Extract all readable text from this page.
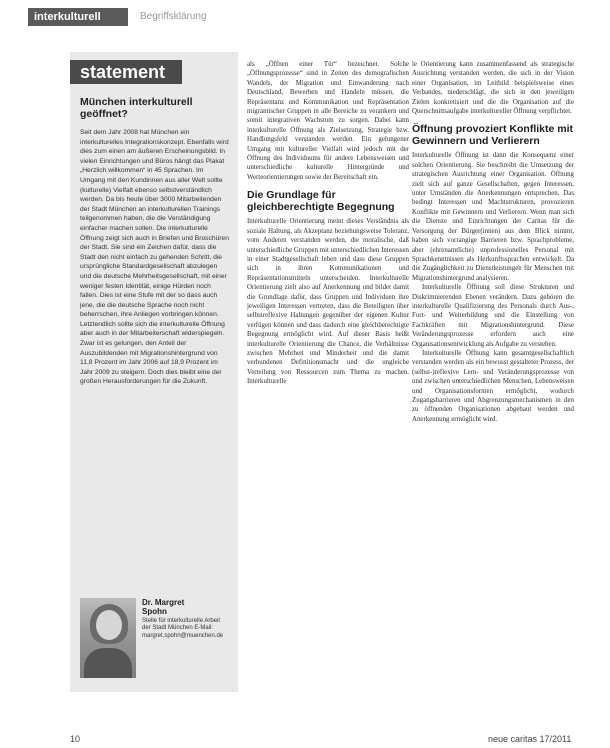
interkulturell	Begriffsklärung
statement
München interkulturell geöffnet?

Seit dem Jahr 2008 hat München ein interkulturelles Integrationskonzept. Ebenfalls wird dies zum einen am äußeren Erscheinungsbild. In vielen Einrichtungen und Büros hängt das Plakat „Herzlich willkommen“ in 45 Sprachen. Im Umgang mit den Kundinnen aus aller Welt sollte (kulturelle) Vielfalt ebenso selbstverständlich werden. Da bis heute über 3000 Mitarbeitenden der Stadt München an interkulturellen Trainings teilgenommen haben, die die Verständigung einfacher machen sollen. Die interkulturelle Öffnung zeigt sich auch in Briefen und Broschüren der Stadt. Sie sind ein Zeichen dafür, dass die Stadt den nicht einfach zu gehenden Schritt, die ursprüngliche Standardgesellschaft abzulegen und die deutsche Mehrheitsgesellschaft, mit einer weniger festen Identität, einige Hürden noch fallen. Dies ist eine Stufe mit der so dass auch jene, die die deutsche Sprache noch nicht beherrschen, ihre Anliegen vorbringen können. Letztendlich sollte sich die interkulturelle Öffnung aber auch in der Mitarbeiterschaft widerspiegeln. Zwar ist es gelungen, den Anteil der Auszubildenden mit Migrationshintergrund von 11,8 Prozent im Jahr 2006 auf 18,9 Prozent im Jahr 2009 zu steigern. Doch dies bleibt eine der großen Herausforderungen für die Zukunft.

Dr. Margret
Spohn
Stelle für interkulturelle Arbeit der Stadt München E-Mail: margret.spohn@muenchen.de

als „Öffnen einer Tür“ bezeichnet. Solche „Öffnungsprozesse“ sind in Zeiten des demografischen Wandels, der Migration und Einwanderung nach Deutschland, Bewerben und Handeln müssen, die Repräsentanz und Kommunikation und Repräsentation migrantischer Gruppen in alle Bereiche zu verankern und somit integrativen Wachstum zu sorgen. Dabei kann interkulturelle Öffnung als Zielsetzung, Strategie bzw. Handlungsfeld verstanden werden. Ein gelungener Umgang mit kultureller Vielfalt wird jedoch mit der Öffnung des Individuums für andere Lebensweisen und unterschiedliche kulturelle Hintergründe und Werteorientierungen sowie der Bereitschaft ein.

Die Grundlage für gleichberechtigte Begegnung

Interkulturelle Orientierung meint dieses Verständnis als soziale Haltung, als Akzeptanz beziehungsweise Toleranz, vom Anderen verstanden werden, die moralische, daß unterschiedliche Gruppen mit unterschiedlichen Interessen in einer Stadtgesellschaft leben und dass diese Gruppen sich in ihren Kommunikationen und Repräsentationsmitteln unterscheiden. Interkulturelle Orientierung zielt also auf Anerkennung und bildet damit die Grundlage dafür, dass Gruppen und Individuen ihre jeweiligen Interessen vertreten, dass die Beteiligten über selbstreflexive Haltungen gegenüber der eigenen Kultur verfügen können und dass dadurch eine gleichberechtigte Begegnung ermöglicht wird. Auf dieser Basis heißt interkulturelle Orientierung die Chance, die Verhältnisse zwischen Mehrheit und Minderheit und die damit verbundenen Definitionsmacht und die ungleiche Verteilung von Ressourcen zum Thema zu machen. Interkulturelle

le Orientierung kann zusammenfassend als strategische Ausrichtung verstanden werden, die sich in der Vision einer Organisation, im Leitbild beispielsweise eines Verbandes, niederschlägt, die sich in den jeweiligen Zielen konkretisiert und die die Organisation auf die Querschnittsaufgabe interkultureller Öffnung verpflichtet.

Öffnung provoziert Konflikte mit Gewinnern und Verlierern

Interkulturelle Öffnung ist dann die Konsequenz einer solchen Orientierung. Sie beschreibt die Umsetzung der strategischen Ausrichtung einer Organisation. Öffnung zielt sich auf ganze Gesellschaften, gegen Interessen, unter Umständen die Anerkennungen entsprechen. Das bedingt Interessen und Machtstrukturen, provozieren Konflikte mit Gewinnern und Verlierern. Wenn man sich die Dienste und Einrichtungen der Caritas für die Versorgung der Bürger(innen) aus dem Blick nimmt, haben sich vorrangige Barrieren bzw. Sprachprobleme, aber (ehrenamtliche) unprofessionelles Personal mit Sprachkenntnissen als Herkunftssprachen entwickelt. Da die Zugänglichkeit zu Dienstleistungen für Menschen mit Migrationshintergrund analysieren.

Interkulturelle Öffnung soll diese Strukturen und Diskrimnierenden Ebenen verändern. Dazu gehören die interkulturelle Qualifizierung des Personals durch Aus-, Fort- und Weiterbildung und die Einstellung von Fachkräften mit Migrationshintergrund. Diese Veränderungsprozesse erfordern auch eine Organisationsentwicklung als Aufgabe zu verstehen.

Interkulturelle Öffnung kann gesamtgesellschaftlich verstanden werden als ein bewusst gestalteter Prozess, der (selbst-)reflexive Lern- und Veränderungsprozesse von und zwischen unterschiedlichen Menschen, Lebensweisen und Organisationsformen ermöglicht, wodurch Zugangsbarrieren und Abgrenzungsmechanismen in den zu öffnenden Organisationen abgebaut werden und Anerkennung ermöglicht wird.

10	neue caritas 17/2011
